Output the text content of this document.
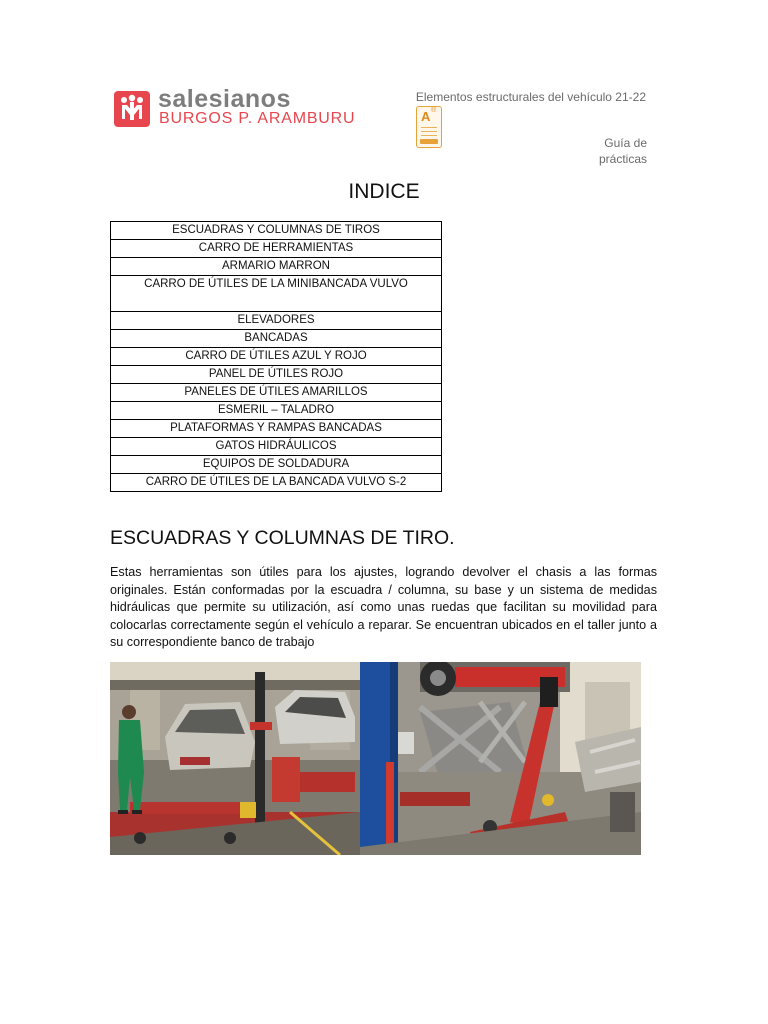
salesianos
BURGOS P. ARAMBURU
Elementos estructurales del vehículo 21-22
A ®
Guía de
prácticas
INDICE
ESCUADRAS Y COLUMNAS DE TIROS
CARRO DE HERRAMIENTAS
ARMARIO MARRON
CARRO DE ÚTILES DE LA MINIBANCADA VULVO
ELEVADORES
BANCADAS
CARRO DE ÚTILES AZUL Y ROJO
PANEL DE ÚTILES ROJO
PANELES DE ÚTILES AMARILLOS
ESMERIL – TALADRO
PLATAFORMAS Y RAMPAS BANCADAS
GATOS HIDRÁULICOS
EQUIPOS DE SOLDADURA
CARRO DE ÚTILES DE LA BANCADA VULVO S-2
ESCUADRAS Y COLUMNAS DE TIRO.
Estas herramientas son útiles para los ajustes, logrando devolver el chasis a las formas originales. Están conformadas por la escuadra / columna, su base y un sistema de medidas hidráulicas que permite su utilización, así como unas ruedas que facilitan su movilidad para colocarlas correctamente según el vehículo a reparar. Se encuentran ubicados en el taller junto a su correspondiente banco de trabajo
